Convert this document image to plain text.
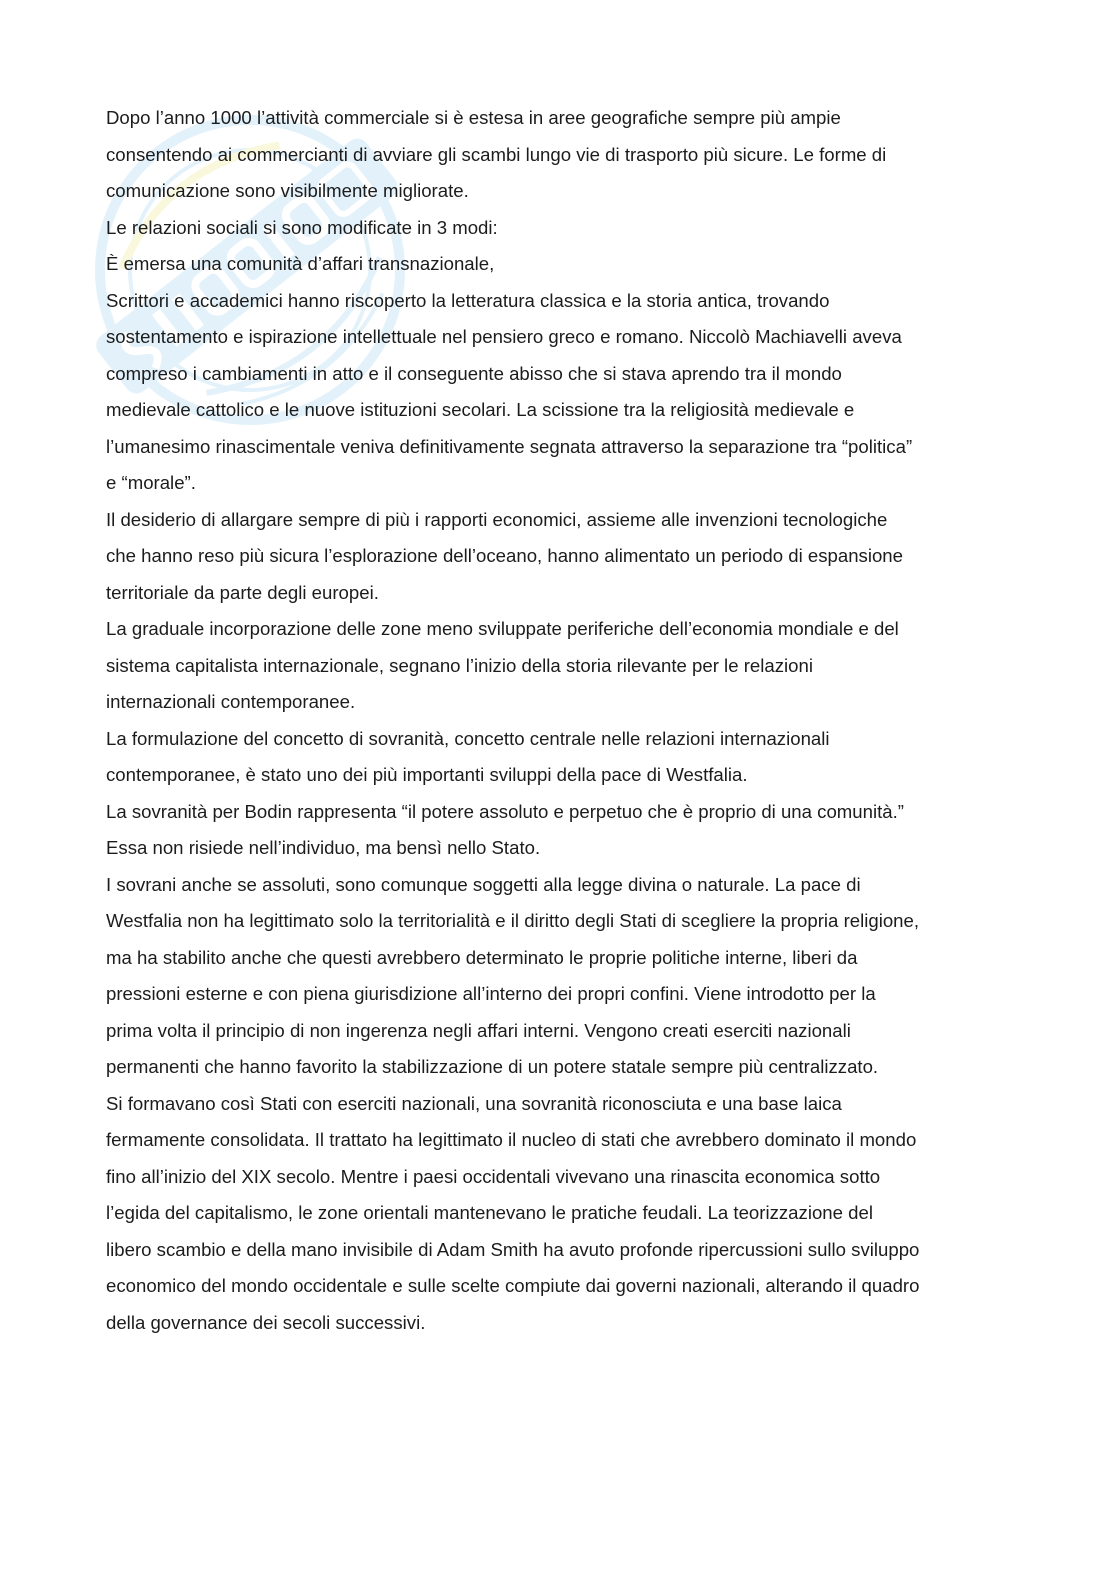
Dopo l’anno 1000 l’attività commerciale si è estesa in aree geografiche sempre più ampie

consentendo ai commercianti di avviare gli scambi lungo vie di trasporto più sicure. Le forme di

comunicazione sono visibilmente migliorate.

Le relazioni sociali si sono modificate in 3 modi:

È emersa una comunità d’affari transnazionale,

Scrittori e accademici hanno riscoperto la letteratura classica e la storia antica, trovando

sostentamento e ispirazione intellettuale nel pensiero greco e romano. Niccolò Machiavelli aveva

compreso i cambiamenti in atto e il conseguente abisso che si stava aprendo tra il mondo

medievale cattolico e le nuove istituzioni secolari. La scissione tra la religiosità medievale e

l’umanesimo rinascimentale veniva definitivamente segnata attraverso la separazione tra “politica”

e “morale”.

Il desiderio di allargare sempre di più i rapporti economici, assieme alle invenzioni tecnologiche

che hanno reso più sicura l’esplorazione dell’oceano, hanno alimentato un periodo di espansione

territoriale da parte degli europei.

La graduale incorporazione delle zone meno sviluppate periferiche dell’economia mondiale e del

sistema capitalista internazionale, segnano l’inizio della storia rilevante per le relazioni

internazionali contemporanee.

La formulazione del concetto di sovranità, concetto centrale nelle relazioni internazionali

contemporanee, è stato uno dei più importanti sviluppi della pace di Westfalia.

La sovranità per Bodin rappresenta “il potere assoluto e perpetuo che è proprio di una comunità.”

Essa non risiede nell’individuo, ma bensì nello Stato.

I sovrani anche se assoluti, sono comunque soggetti alla legge divina o naturale. La pace di

Westfalia non ha legittimato solo la territorialità e il diritto degli Stati di scegliere la propria religione,

ma ha stabilito anche che questi avrebbero determinato le proprie politiche interne, liberi da

pressioni esterne e con piena giurisdizione all’interno dei propri confini. Viene introdotto per la

prima volta il principio di non ingerenza negli affari interni. Vengono creati eserciti nazionali

permanenti che hanno favorito la stabilizzazione di un potere statale sempre più centralizzato.

Si formavano così Stati con eserciti nazionali, una sovranità riconosciuta e una base laica

fermamente consolidata. Il trattato ha legittimato il nucleo di stati che avrebbero dominato il mondo

fino all’inizio del XIX secolo. Mentre i paesi occidentali vivevano una rinascita economica sotto

l’egida del capitalismo, le zone orientali mantenevano le pratiche feudali. La teorizzazione del

libero scambio e della mano invisibile di Adam Smith ha avuto profonde ripercussioni sullo sviluppo

economico del mondo occidentale e sulle scelte compiute dai governi nazionali, alterando il quadro

della governance dei secoli successivi.
